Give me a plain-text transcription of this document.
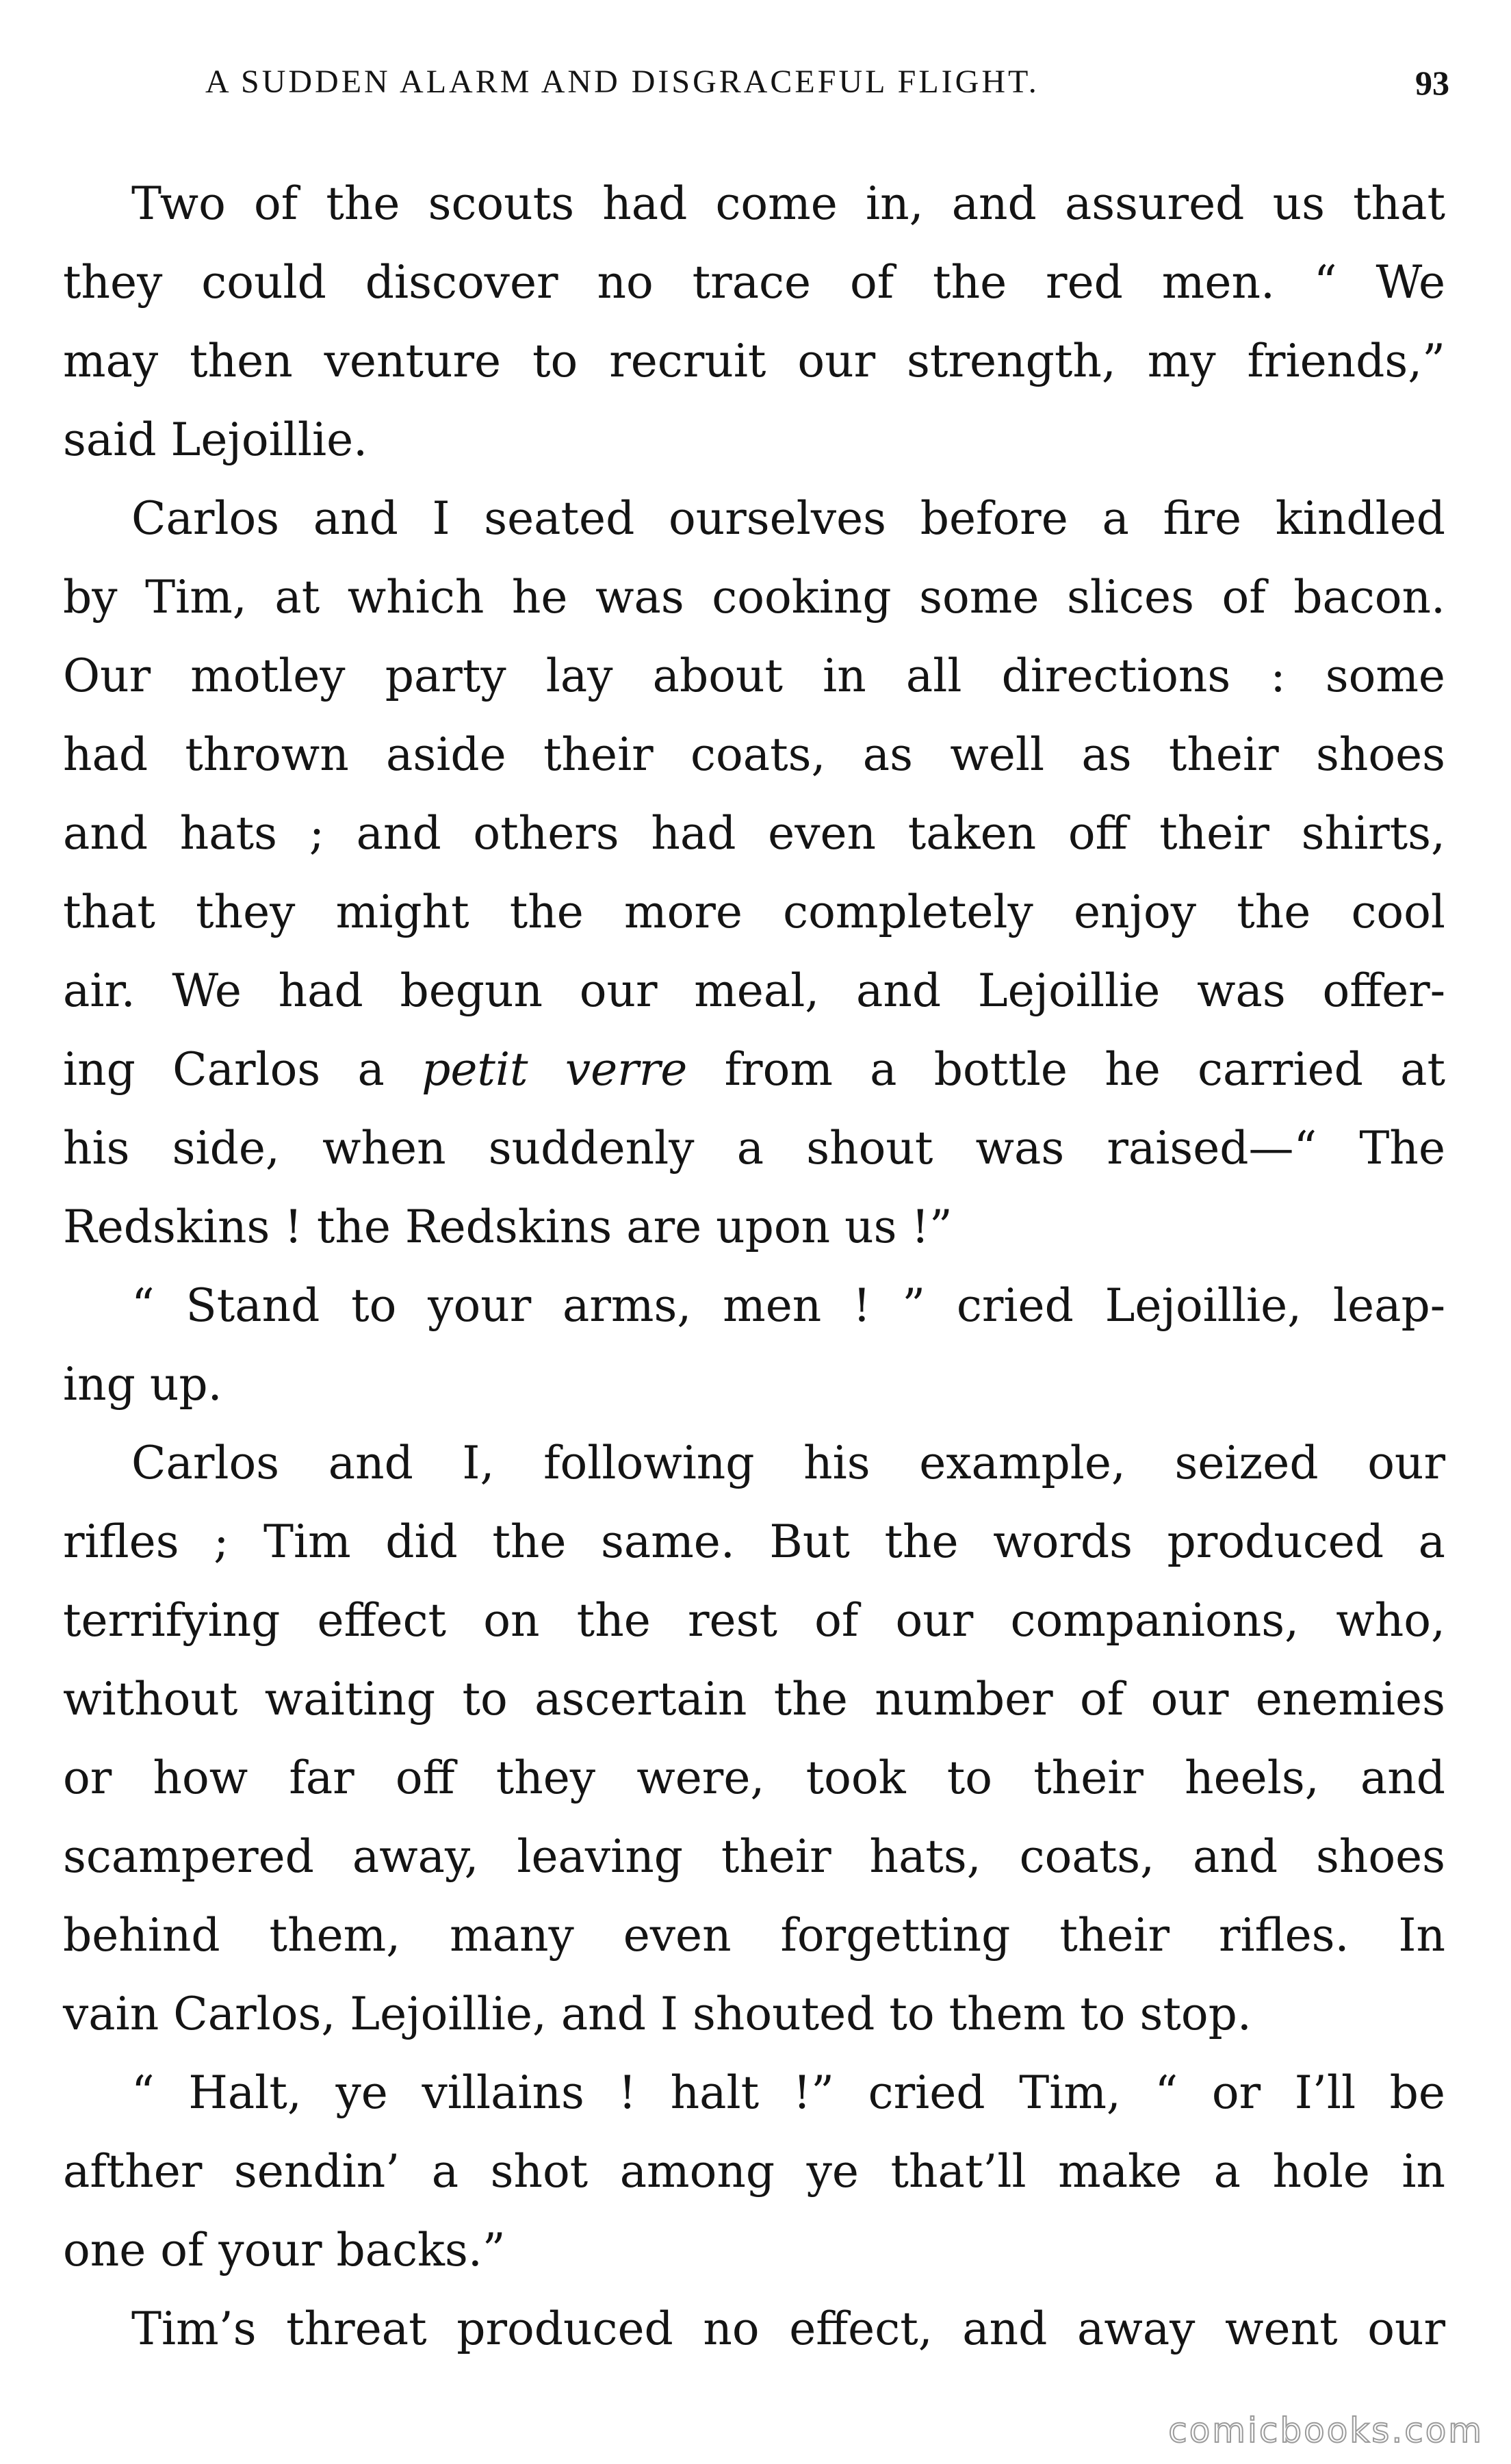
A SUDDEN ALARM AND DISGRACEFUL FLIGHT.	93
Two of the scouts had come in, and assured us that
they could discover no trace of the red men. “ We
may then venture to recruit our strength, my friends,”
said Lejoillie.
Carlos and I seated ourselves before a fire kindled
by Tim, at which he was cooking some slices of bacon.
Our motley party lay about in all directions : some
had thrown aside their coats, as well as their shoes
and hats ; and others had even taken off their shirts,
that they might the more completely enjoy the cool
air. We had begun our meal, and Lejoillie was offer-
ing Carlos a petit verre from a bottle he carried at
his side, when suddenly a shout was raised—“ The
Redskins ! the Redskins are upon us !”
“ Stand to your arms, men ! ” cried Lejoillie, leap-
ing up.
Carlos and I, following his example, seized our
rifles ; Tim did the same. But the words produced a
terrifying effect on the rest of our companions, who,
without waiting to ascertain the number of our enemies
or how far off they were, took to their heels, and
scampered away, leaving their hats, coats, and shoes
behind them, many even forgetting their rifles. In
vain Carlos, Lejoillie, and I shouted to them to stop.
“ Halt, ye villains ! halt !” cried Tim, “ or I’ll be
afther sendin’ a shot among ye that’ll make a hole in
one of your backs.”
Tim’s threat produced no effect, and away went our
comicbooks.com
